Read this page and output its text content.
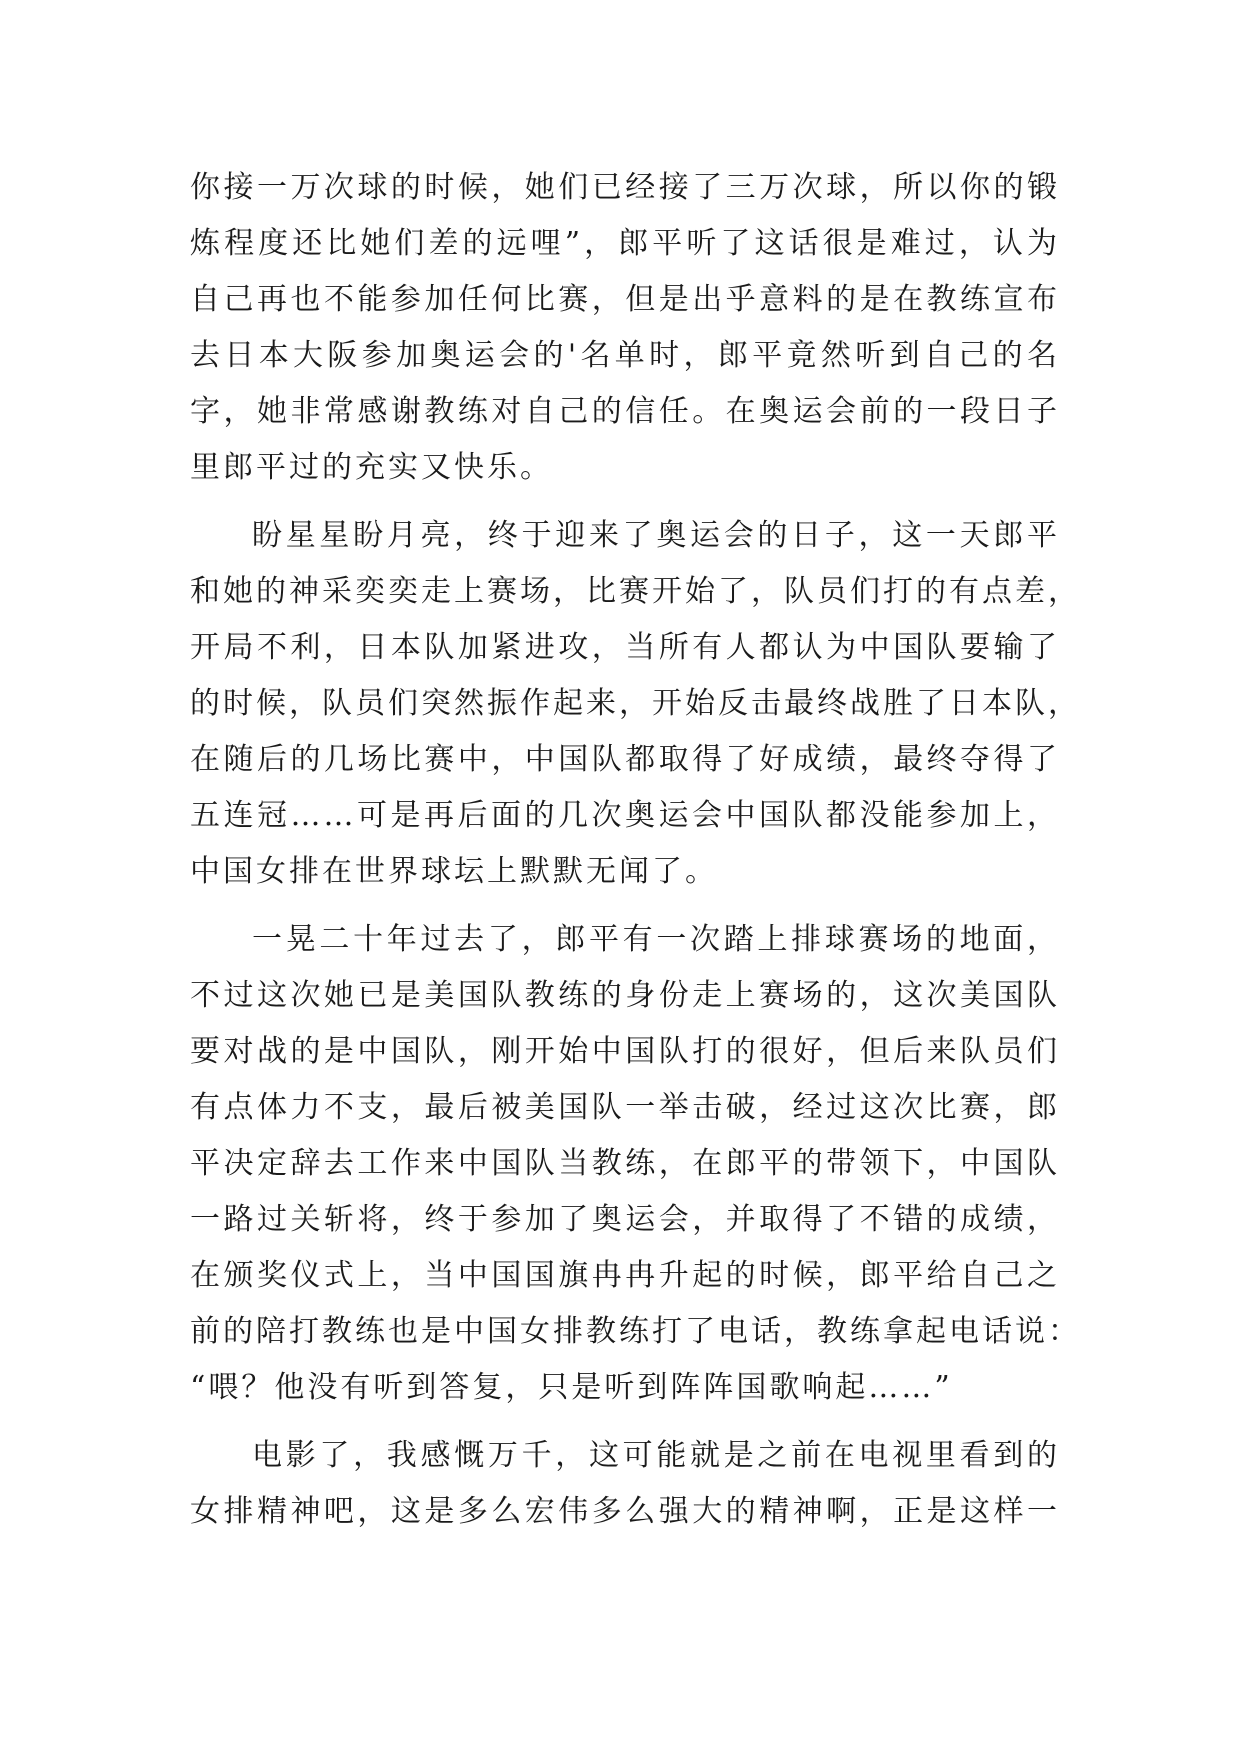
你接一万次球的时候，她们已经接了三万次球，所以你的锻
炼程度还比她们差的远哩”，郎平听了这话很是难过，认为
自己再也不能参加任何比赛，但是出乎意料的是在教练宣布
去日本大阪参加奥运会的'名单时，郎平竟然听到自己的名
字，她非常感谢教练对自己的信任。在奥运会前的一段日子
里郎平过的充实又快乐。
盼星星盼月亮，终于迎来了奥运会的日子，这一天郎平
和她的神采奕奕走上赛场，比赛开始了，队员们打的有点差，
开局不利，日本队加紧进攻，当所有人都认为中国队要输了
的时候，队员们突然振作起来，开始反击最终战胜了日本队，
在随后的几场比赛中，中国队都取得了好成绩，最终夺得了
五连冠……可是再后面的几次奥运会中国队都没能参加上，
中国女排在世界球坛上默默无闻了。
一晃二十年过去了，郎平有一次踏上排球赛场的地面，
不过这次她已是美国队教练的身份走上赛场的，这次美国队
要对战的是中国队，刚开始中国队打的很好，但后来队员们
有点体力不支，最后被美国队一举击破，经过这次比赛，郎
平决定辞去工作来中国队当教练，在郎平的带领下，中国队
一路过关斩将，终于参加了奥运会，并取得了不错的成绩，
在颁奖仪式上，当中国国旗冉冉升起的时候，郎平给自己之
前的陪打教练也是中国女排教练打了电话，教练拿起电话说：
“喂？他没有听到答复，只是听到阵阵国歌响起……”
电影了，我感慨万千，这可能就是之前在电视里看到的
女排精神吧，这是多么宏伟多么强大的精神啊，正是这样一
